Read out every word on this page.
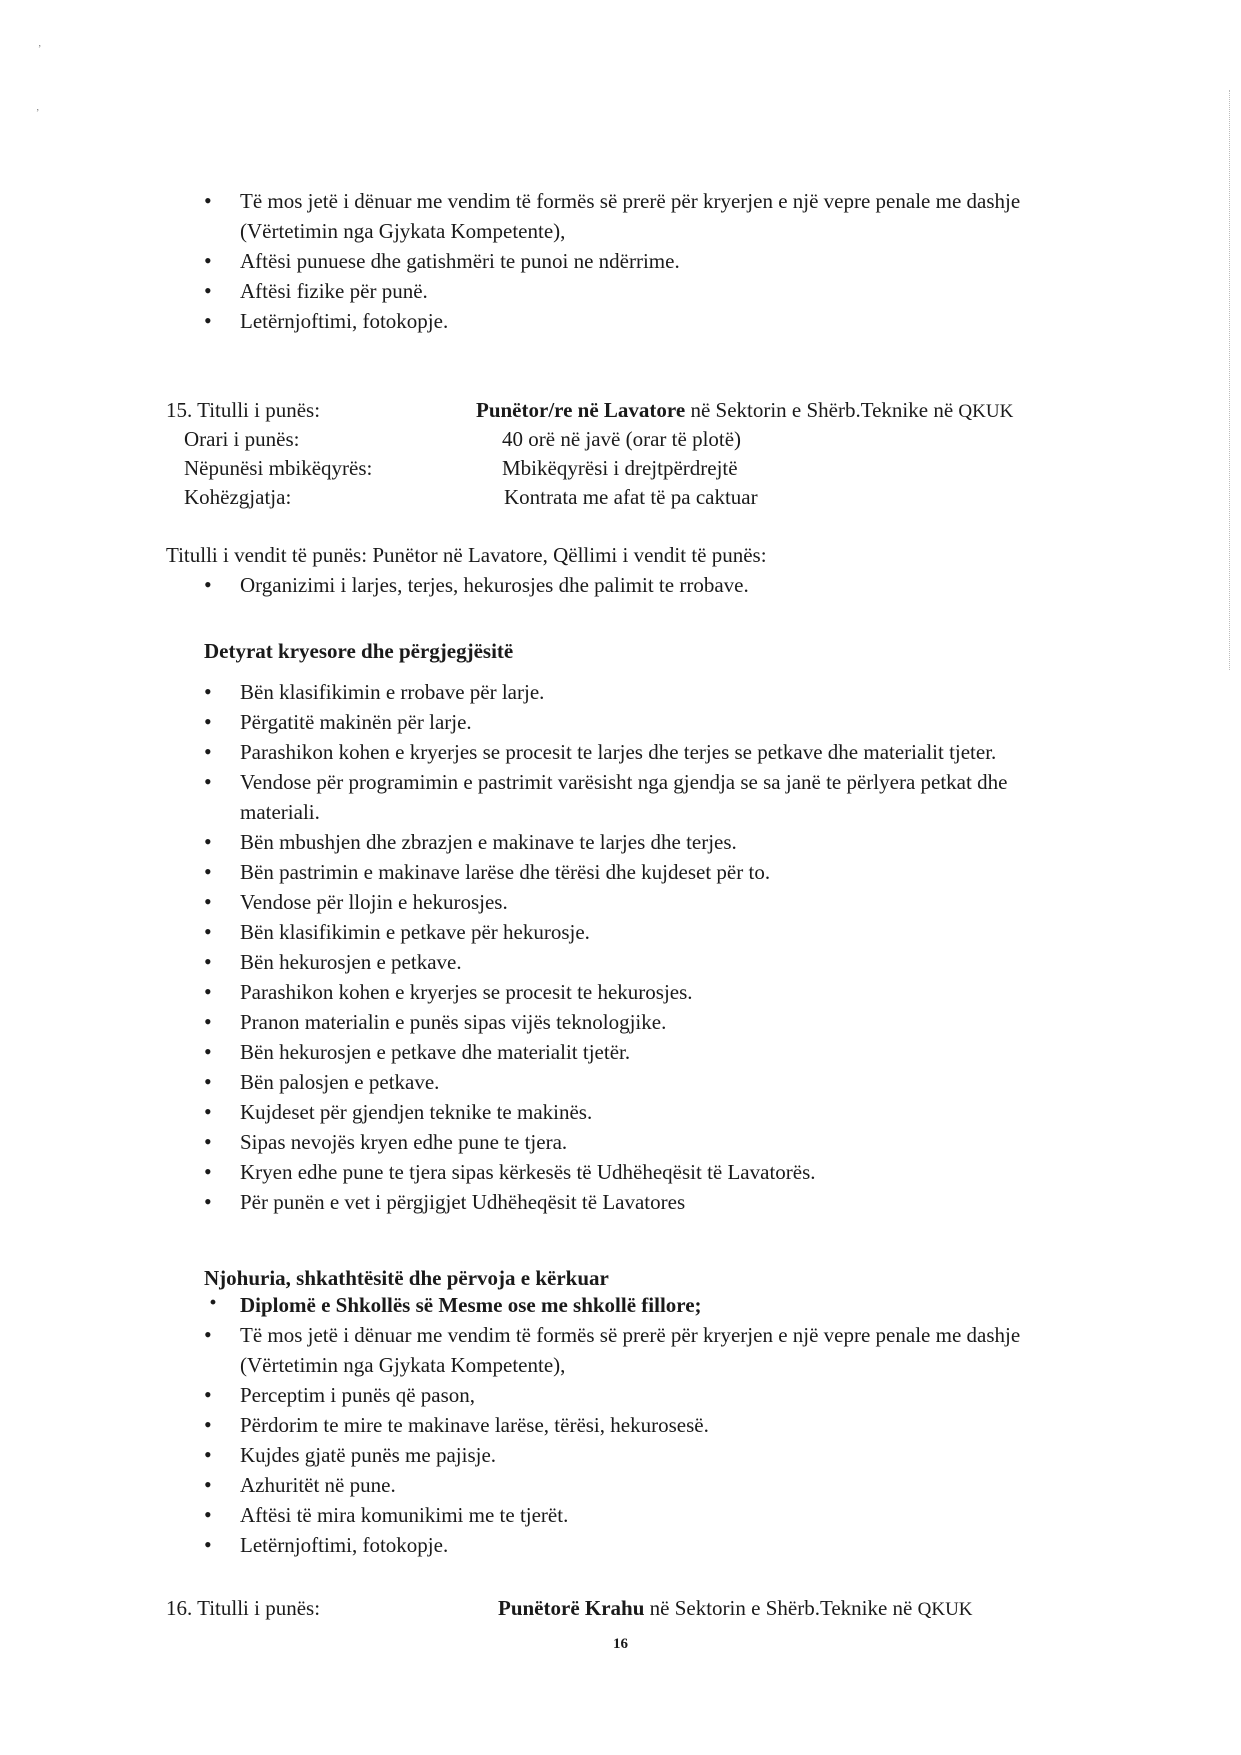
ʼ
ʼ
• Të mos jetë i dënuar me vendim të formës së prerë për kryerjen e një vepre penale me dashje (Vërtetimin nga Gjykata Kompetente),
• Aftësi punuese dhe gatishmëri te punoi ne ndërrime.
• Aftësi fizike për punë.
• Letërnjoftimi, fotokopje.
15. Titulli i punës:	Punëtor/re në Lavatore në Sektorin e Shërb.Teknike në QKUK
Orari i punës:	40 orë në javë (orar të plotë)
Nëpunësi mbikëqyrës:	Mbikëqyrësi i drejtpërdrejtë
Kohëzgjatja:	Kontrata me afat të pa caktuar
Titulli i vendit të punës: Punëtor në Lavatore, Qëllimi i vendit të punës:
• Organizimi i larjes, terjes, hekurosjes dhe palimit te rrobave.
Detyrat kryesore dhe përgjegjësitë
• Bën klasifikimin e rrobave për larje.
• Përgatitë makinën për larje.
• Parashikon kohen e kryerjes se procesit te larjes dhe terjes se petkave dhe materialit tjeter.
• Vendose për programimin e pastrimit varësisht nga gjendja se sa janë te përlyera petkat dhe materiali.
• Bën mbushjen dhe zbrazjen e makinave te larjes dhe terjes.
• Bën pastrimin e makinave larëse dhe tërësi dhe kujdeset për to.
• Vendose për llojin e hekurosjes.
• Bën klasifikimin e petkave për hekurosje.
• Bën hekurosjen e petkave.
• Parashikon kohen e kryerjes se procesit te hekurosjes.
• Pranon materialin e punës sipas vijës teknologjike.
• Bën hekurosjen e petkave dhe materialit tjetër.
• Bën palosjen e petkave.
• Kujdeset për gjendjen teknike te makinës.
• Sipas nevojës kryen edhe pune te tjera.
• Kryen edhe pune te tjera sipas kërkesës të Udhëheqësit të Lavatorës.
• Për punën e vet i përgjigjet Udhëheqësit të Lavatores
Njohuria, shkathtësitë dhe përvoja e kërkuar
· Diplomë e Shkollës së Mesme ose me shkollë fillore;
• Të mos jetë i dënuar me vendim të formës së prerë për kryerjen e një vepre penale me dashje (Vërtetimin nga Gjykata Kompetente),
• Perceptim i punës që pason,
• Përdorim te mire te makinave larëse, tërësi, hekurosesë.
• Kujdes gjatë punës me pajisje.
• Azhuritët në pune.
• Aftësi të mira komunikimi me te tjerët.
• Letërnjoftimi, fotokopje.
16. Titulli i punës:	Punëtorë Krahu në Sektorin e Shërb.Teknike në QKUK
16
